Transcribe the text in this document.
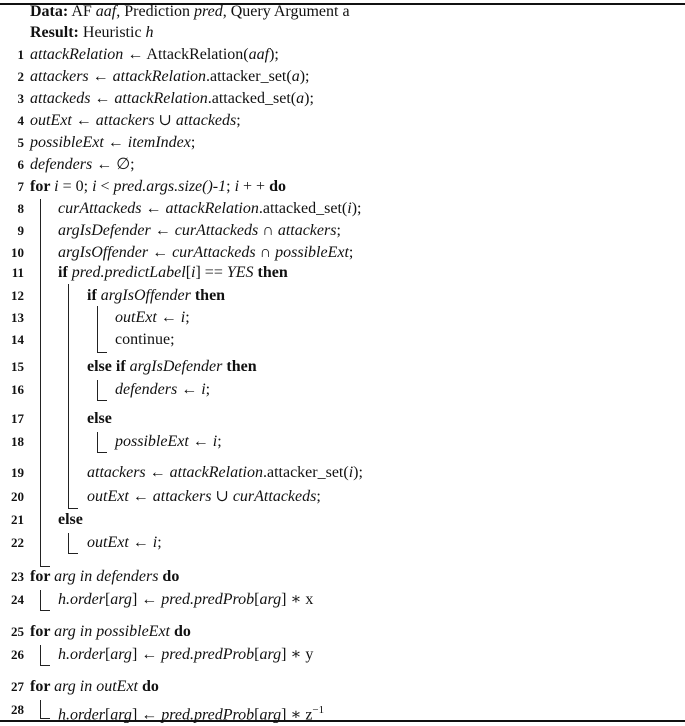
Data: AF aaf, Prediction pred, Query Argument a
Result: Heuristic h
1 attackRelation ← AttackRelation(aaf);
2 attackers ← attackRelation.attacker_set(a);
3 attackeds ← attackRelation.attacked_set(a);
4 outExt ← attackers ∪ attackeds;
5 possibleExt ← itemIndex;
6 defenders ← ∅;
7 for i = 0; i < pred.args.size()-1; i + + do
8 curAttackeds ← attackRelation.attacked_set(i);
9 argIsDefender ← curAttackeds ∩ attackers;
10 argIsOffender ← curAttackeds ∩ possibleExt;
11 if pred.predictLabel[i] == YES then
12	if argIsOffender then
13	outExt ← i;
14	continue;
15	else if argIsDefender then
16	defenders ← i;
17	else
18	possibleExt ← i;
19	attackers ← attackRelation.attacker_set(i);
20	outExt ← attackers ∪ curAttackeds;
21 else
22	outExt ← i;
23 for arg in defenders do
24 h.order[arg] ← pred.predProb[arg] ∗ x
25 for arg in possibleExt do
26 h.order[arg] ← pred.predProb[arg] ∗ y
27 for arg in outExt do
28 h.order[arg] ← pred.predProb[arg] ∗ $z^{-1}$
